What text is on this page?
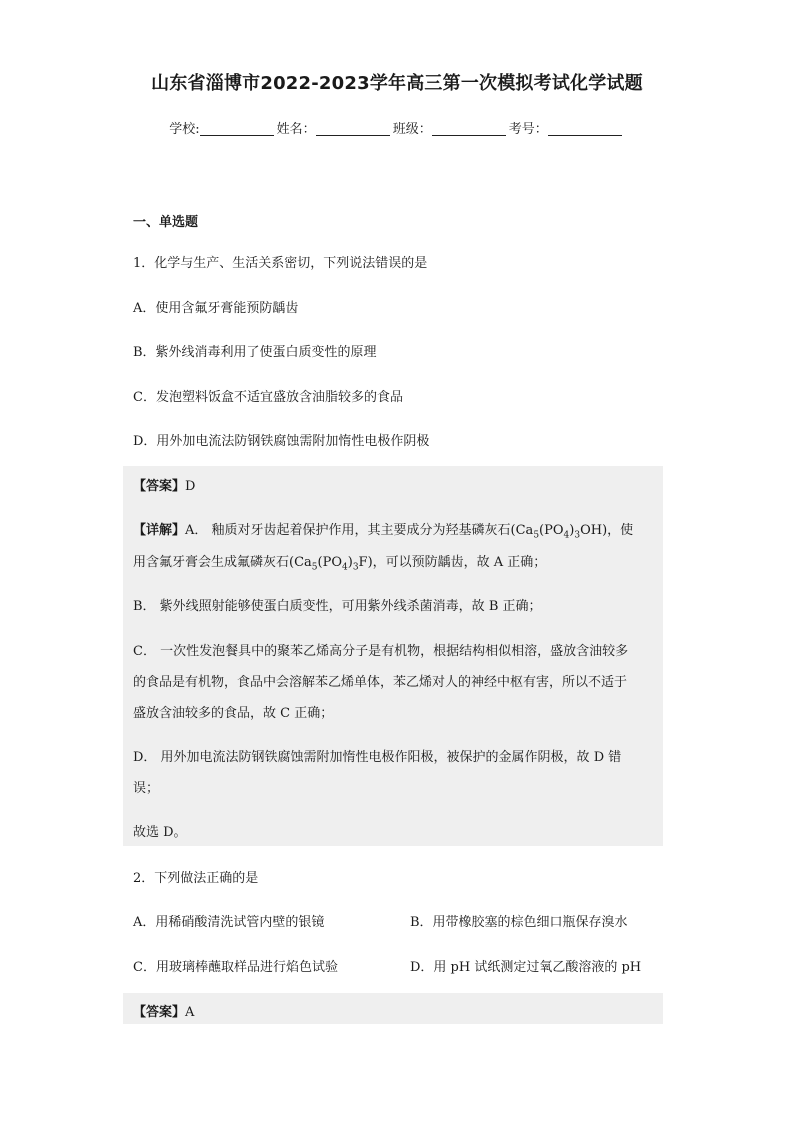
山东省淄博市2022-2023学年高三第一次模拟考试化学试题
学校:	姓名：	班级：	考号：
一、单选题
1．化学与生产、生活关系密切，下列说法错误的是
A．使用含氟牙膏能预防龋齿
B．紫外线消毒利用了使蛋白质变性的原理
C．发泡塑料饭盒不适宜盛放含油脂较多的食品
D．用外加电流法防钢铁腐蚀需附加惰性电极作阴极
【答案】D
【详解】A． 釉质对牙齿起着保护作用，其主要成分为羟基磷灰石$(Ca_5(PO_4)_3OH)$，使
用含氟牙膏会生成氟磷灰石$(Ca_5(PO_4)_3F)$，可以预防龋齿，故 A 正确；
B． 紫外线照射能够使蛋白质变性，可用紫外线杀菌消毒，故 B 正确；
C． 一次性发泡餐具中的聚苯乙烯高分子是有机物，根据结构相似相溶，盛放含油较多
的食品是有机物，食品中会溶解苯乙烯单体，苯乙烯对人的神经中枢有害，所以不适于
盛放含油较多的食品，故 C 正确；
D． 用外加电流法防钢铁腐蚀需附加惰性电极作阳极，被保护的金属作阴极，故 D 错
误；
故选 D。
2．下列做法正确的是
A．用稀硝酸清洗试管内壁的银镜	B．用带橡胶塞的棕色细口瓶保存溴水
C．用玻璃棒蘸取样品进行焰色试验	D．用 pH 试纸测定过氧乙酸溶液的 pH
【答案】A
